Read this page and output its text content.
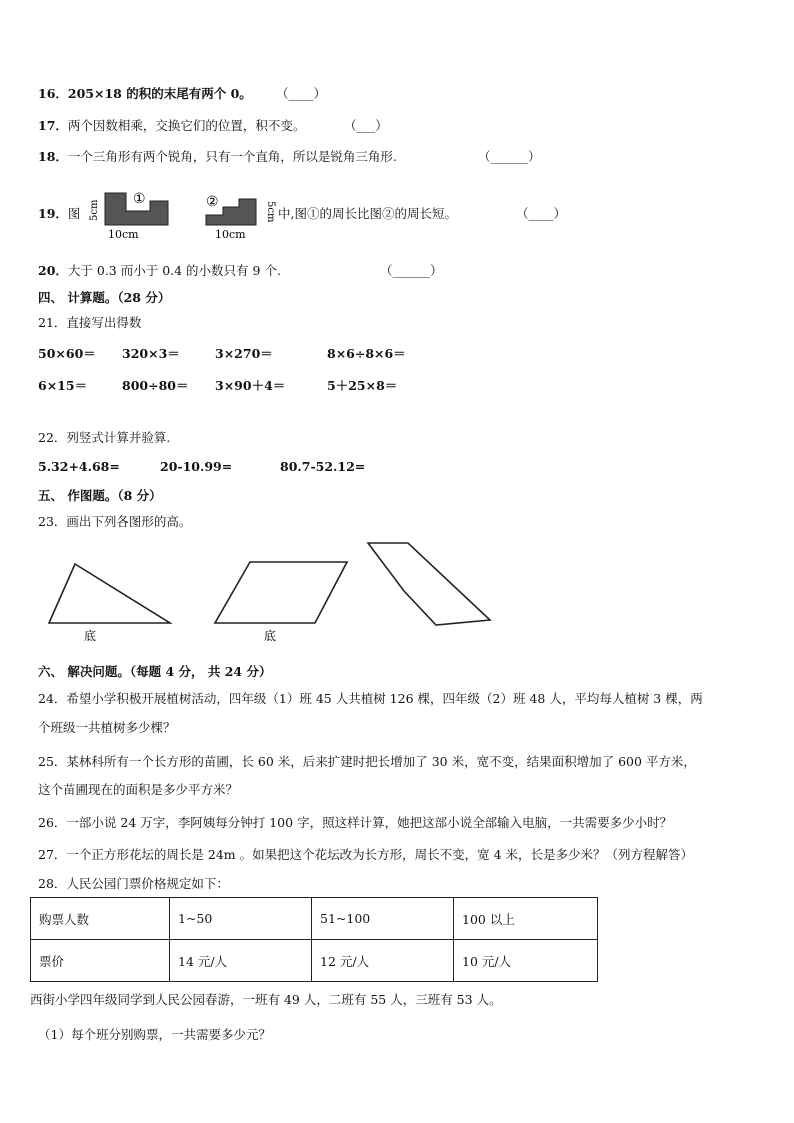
16．205×18 的积的末尾有两个 0。 （____）
17．两个因数相乘，交换它们的位置，积不变。	（___）
18．一个三角形有两个锐角，只有一个直角，所以是锐角三角形.	（______）
19．图
①
5cm
10cm
②	5cm
10cm
中,图①的周长比图②的周长短。	（____）
20．大于 0.3 而小于 0.4 的小数只有 9 个.	（______）
四、 计算题。（28 分）
21．直接写出得数
50×60＝ 320×3＝	3×270＝	8×6÷8×6＝
6×15＝	800÷80＝ 3×90＋4＝	5＋25×8＝
22．列竖式计算并验算.
5.32+4.68=	20-10.99=	80.7-52.12=
五、 作图题。（8 分）
23．画出下列各图形的高。
底	底
六、 解决问题。（每题 4 分， 共 24 分）
24．希望小学积极开展植树活动，四年级（1）班 45 人共植树 126 棵，四年级（2）班 48 人，平均每人植树 3 棵，两
个班级一共植树多少棵？
25．某林科所有一个长方形的苗圃，长 60 米，后来扩建时把长增加了 30 米，宽不变，结果面积增加了 600 平方米，
这个苗圃现在的面积是多少平方米？
26．一部小说 24 万字，李阿姨每分钟打 100 字，照这样计算，她把这部小说全部输入电脑，一共需要多少小时？
27．一个正方形花坛的周长是 24m 。如果把这个花坛改为长方形，周长不变，宽 4 米，长是多少米？（列方程解答）
28．人民公园门票价格规定如下：
购票人数	1~50	51~100	100 以上
票价	14 元/人	12 元/人	10 元/人
西街小学四年级同学到人民公园春游，一班有 49 人，二班有 55 人，三班有 53 人。
（1）每个班分别购票，一共需要多少元？
